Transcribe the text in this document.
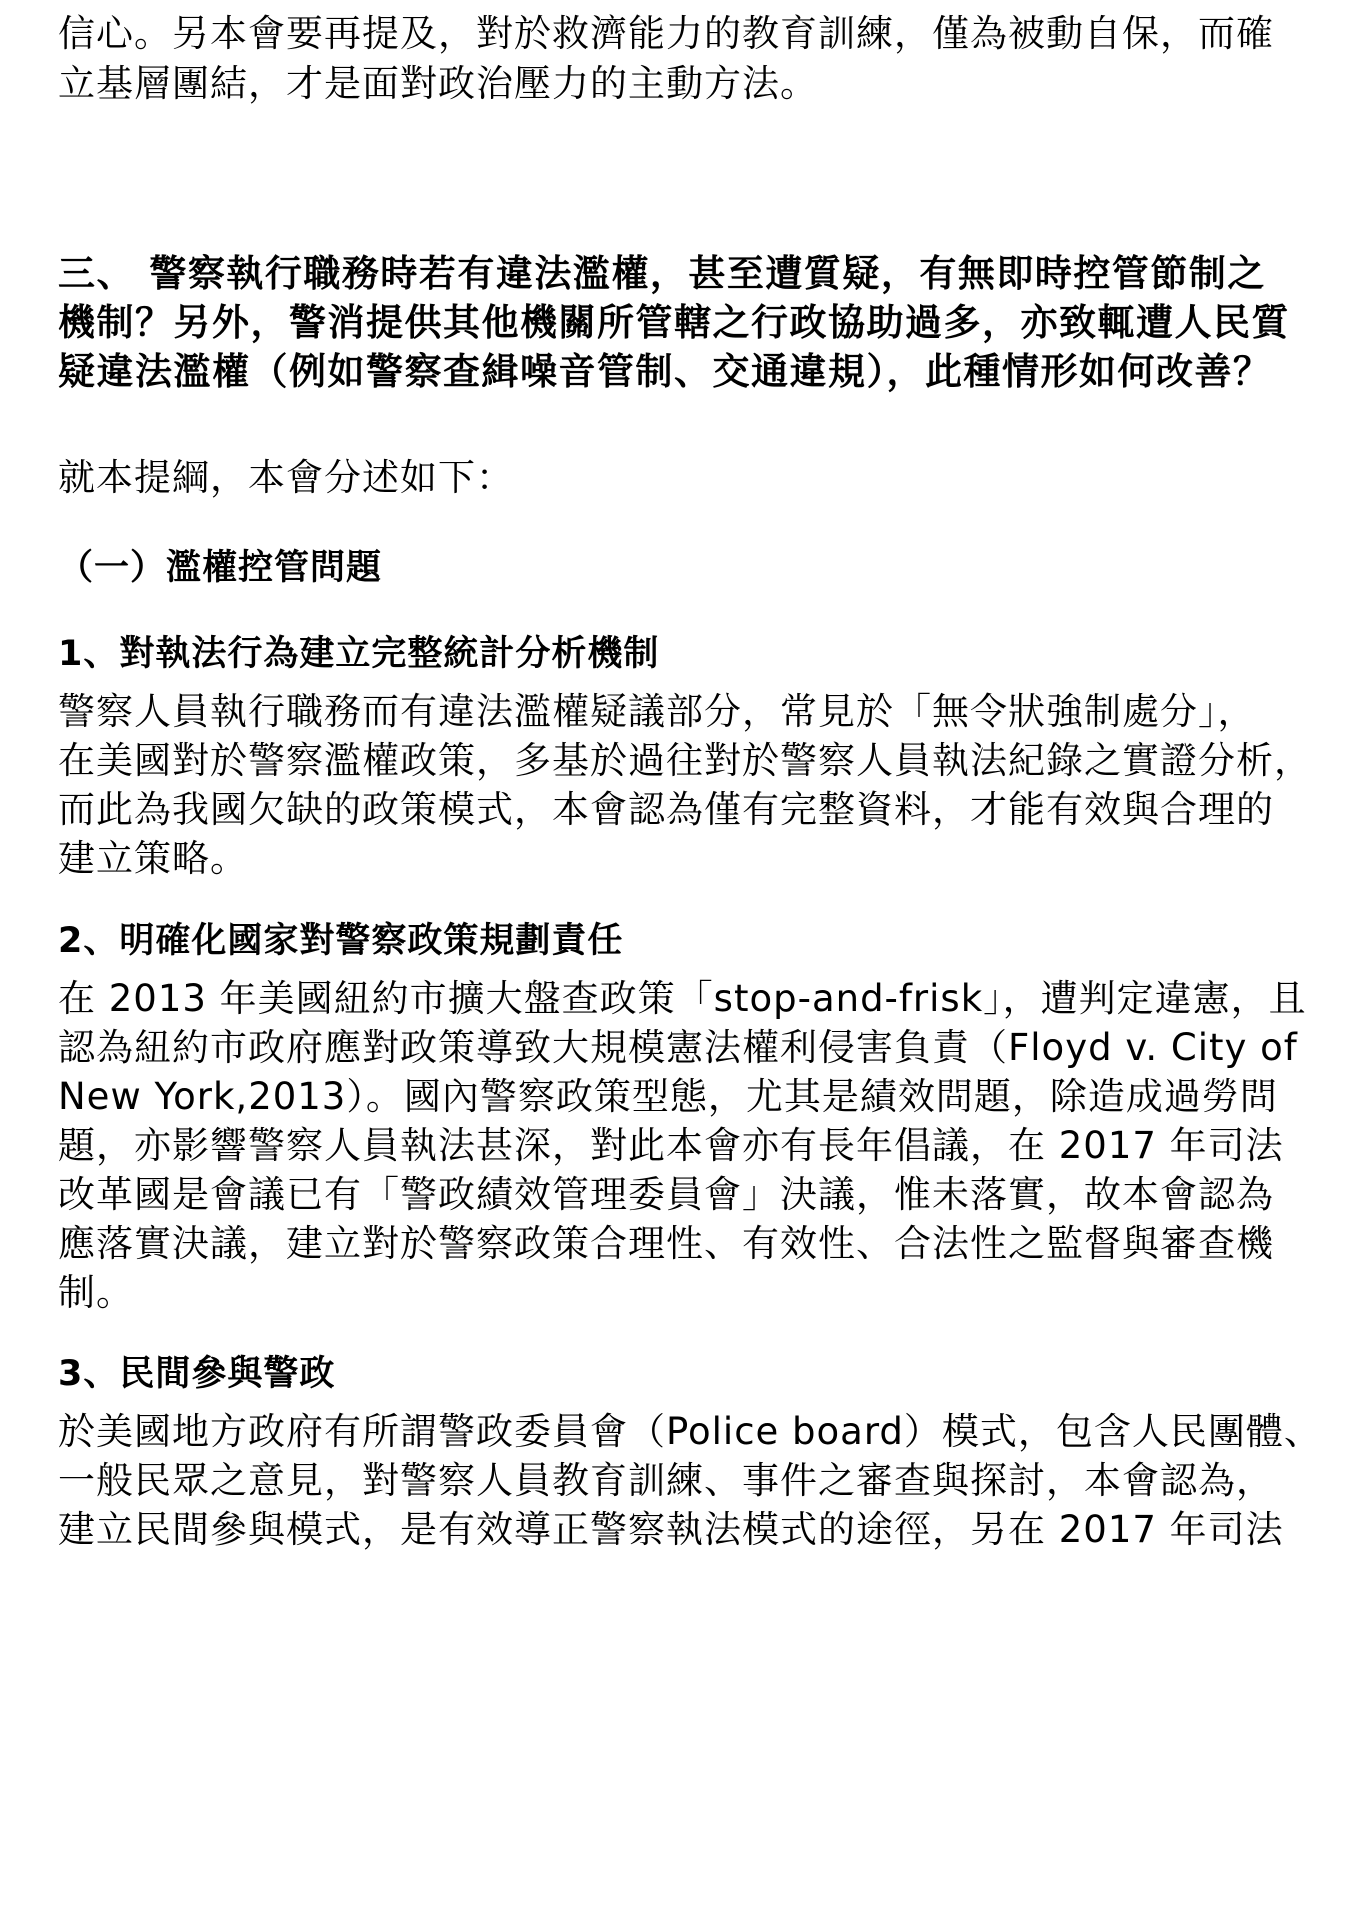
信心。另本會要再提及，對於救濟能力的教育訓練，僅為被動自保，而確
立基層團結，才是面對政治壓力的主動方法。
三、 警察執行職務時若有違法濫權，甚至遭質疑，有無即時控管節制之
機制？另外，警消提供其他機關所管轄之行政協助過多，亦致輒遭人民質
疑違法濫權（例如警察查緝噪音管制、交通違規），此種情形如何改善？
就本提綱，本會分述如下：
（一）濫權控管問題
1、對執法行為建立完整統計分析機制
警察人員執行職務而有違法濫權疑議部分，常見於「無令狀強制處分」，
在美國對於警察濫權政策，多基於過往對於警察人員執法紀錄之實證分析，
而此為我國欠缺的政策模式，本會認為僅有完整資料，才能有效與合理的
建立策略。
2、明確化國家對警察政策規劃責任
在 2013 年美國紐約市擴大盤查政策「stop-and-frisk」，遭判定違憲，且
認為紐約市政府應對政策導致大規模憲法權利侵害負責（Floyd v. City of
New York,2013）。國內警察政策型態，尤其是績效問題，除造成過勞問
題，亦影響警察人員執法甚深，對此本會亦有長年倡議，在 2017 年司法
改革國是會議已有「警政績效管理委員會」決議，惟未落實，故本會認為
應落實決議，建立對於警察政策合理性、有效性、合法性之監督與審查機
制。
3、民間參與警政
於美國地方政府有所謂警政委員會（Police board）模式，包含人民團體、
一般民眾之意見，對警察人員教育訓練、事件之審查與探討，本會認為，
建立民間參與模式，是有效導正警察執法模式的途徑，另在 2017 年司法
